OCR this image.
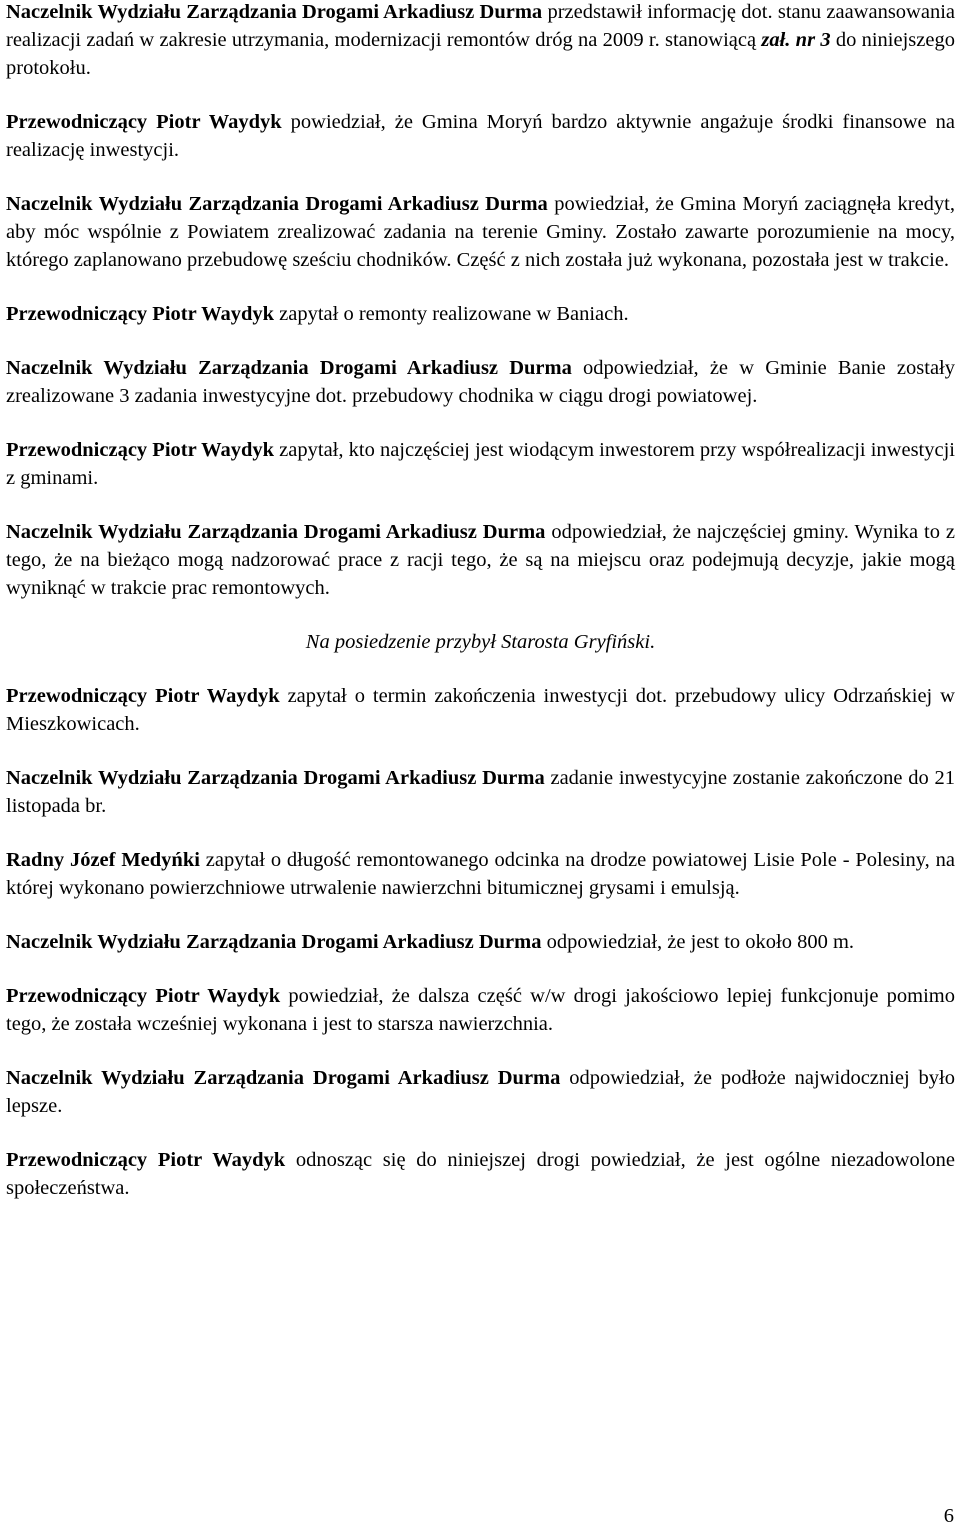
Naczelnik Wydziału Zarządzania Drogami Arkadiusz Durma przedstawił informację dot. stanu zaawansowania realizacji zadań w zakresie utrzymania, modernizacji remontów dróg na 2009 r. stanowiącą zał. nr 3 do niniejszego protokołu.

Przewodniczący Piotr Waydyk powiedział, że Gmina Moryń bardzo aktywnie angażuje środki finansowe na realizację inwestycji.

Naczelnik Wydziału Zarządzania Drogami Arkadiusz Durma powiedział, że Gmina Moryń zaciągnęła kredyt, aby móc wspólnie z Powiatem zrealizować zadania na terenie Gminy. Zostało zawarte porozumienie na mocy, którego zaplanowano przebudowę sześciu chodników. Część z nich została już wykonana, pozostała jest w trakcie.

Przewodniczący Piotr Waydyk zapytał o remonty realizowane w Baniach.

Naczelnik Wydziału Zarządzania Drogami Arkadiusz Durma odpowiedział, że w Gminie Banie zostały zrealizowane 3 zadania inwestycyjne dot. przebudowy chodnika w ciągu drogi powiatowej.

Przewodniczący Piotr Waydyk zapytał, kto najczęściej jest wiodącym inwestorem przy współrealizacji inwestycji z gminami.

Naczelnik Wydziału Zarządzania Drogami Arkadiusz Durma odpowiedział, że najczęściej gminy. Wynika to z tego, że na bieżąco mogą nadzorować prace z racji tego, że są na miejscu oraz podejmują decyzje, jakie mogą wyniknąć w trakcie prac remontowych.

Na posiedzenie przybył Starosta Gryfiński.

Przewodniczący Piotr Waydyk zapytał o termin zakończenia inwestycji dot. przebudowy ulicy Odrzańskiej w Mieszkowicach.

Naczelnik Wydziału Zarządzania Drogami Arkadiusz Durma zadanie inwestycyjne zostanie zakończone do 21 listopada br.

Radny Józef Medyńki zapytał o długość remontowanego odcinka na drodze powiatowej Lisie Pole - Polesiny, na której wykonano powierzchniowe utrwalenie nawierzchni bitumicznej grysami i emulsją.

Naczelnik Wydziału Zarządzania Drogami Arkadiusz Durma odpowiedział, że jest to około 800 m.

Przewodniczący Piotr Waydyk powiedział, że dalsza część w/w drogi jakościowo lepiej funkcjonuje pomimo tego, że została wcześniej wykonana i jest to starsza nawierzchnia.

Naczelnik Wydziału Zarządzania Drogami Arkadiusz Durma odpowiedział, że podłoże najwidoczniej było lepsze.

Przewodniczący Piotr Waydyk odnosząc się do niniejszej drogi powiedział, że jest ogólne niezadowolone społeczeństwa.

6
